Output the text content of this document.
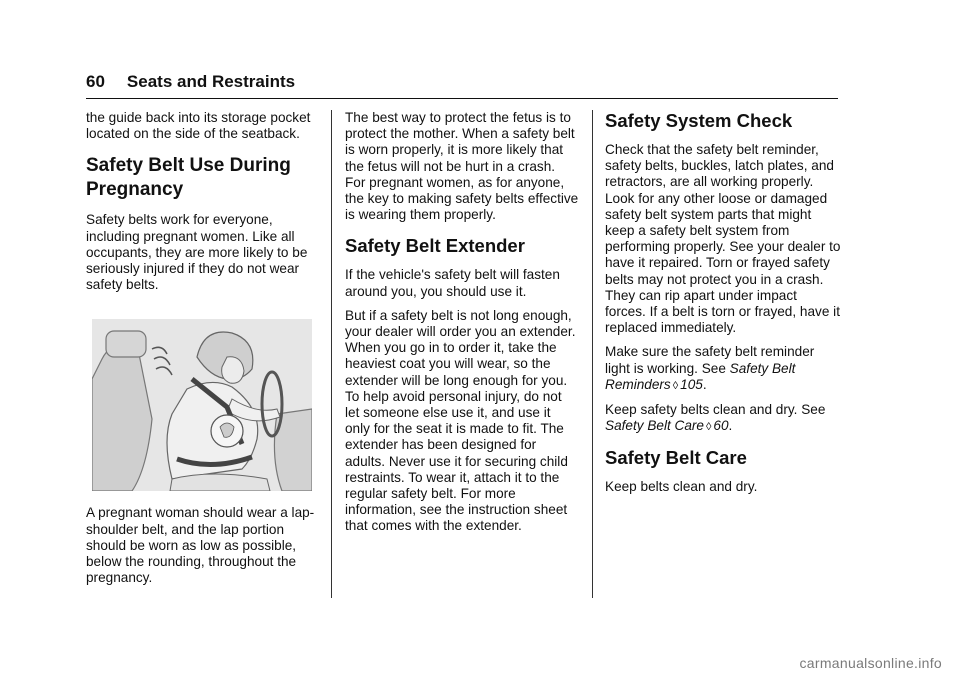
60 Seats and Restraints

the guide back into its storage pocket located on the side of the seatback.

Safety Belt Use During Pregnancy

Safety belts work for everyone, including pregnant women. Like all occupants, they are more likely to be seriously injured if they do not wear safety belts.

A pregnant woman should wear a lap-shoulder belt, and the lap portion should be worn as low as possible, below the rounding, throughout the pregnancy.

The best way to protect the fetus is to protect the mother. When a safety belt is worn properly, it is more likely that the fetus will not be hurt in a crash. For pregnant women, as for anyone, the key to making safety belts effective is wearing them properly.

Safety Belt Extender

If the vehicle's safety belt will fasten around you, you should use it.

But if a safety belt is not long enough, your dealer will order you an extender. When you go in to order it, take the heaviest coat you will wear, so the extender will be long enough for you. To help avoid personal injury, do not let someone else use it, and use it only for the seat it is made to fit. The extender has been designed for adults. Never use it for securing child restraints. To wear it, attach it to the regular safety belt. For more information, see the instruction sheet that comes with the extender.

Safety System Check

Check that the safety belt reminder, safety belts, buckles, latch plates, and retractors, are all working properly. Look for any other loose or damaged safety belt system parts that might keep a safety belt system from performing properly. See your dealer to have it repaired. Torn or frayed safety belts may not protect you in a crash. They can rip apart under impact forces. If a belt is torn or frayed, have it replaced immediately.

Make sure the safety belt reminder light is working. See Safety Belt Reminders ◊ 105.

Keep safety belts clean and dry. See Safety Belt Care ◊ 60.

Safety Belt Care

Keep belts clean and dry.

carmanualsonline.info
